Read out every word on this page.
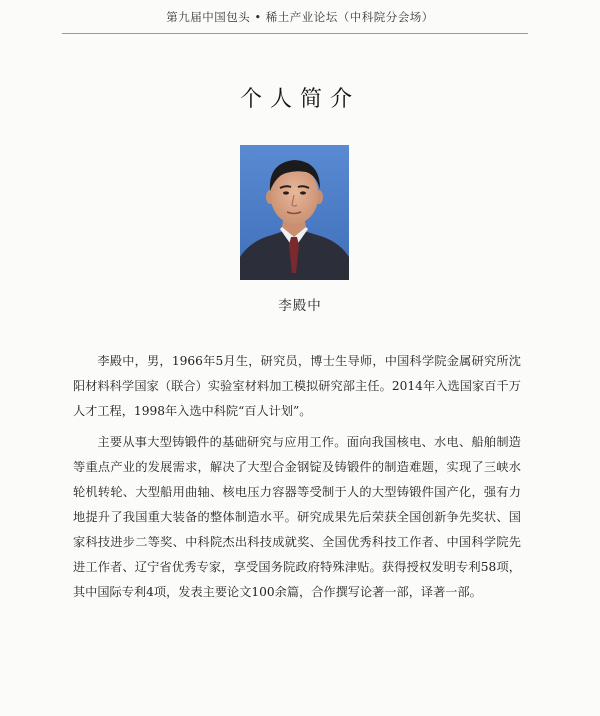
第九届中国包头 • 稀土产业论坛（中科院分会场）
个人简介
李殿中

李殿中，男，1966年5月生，研究员，博士生导师，中国科学院金属研究所沈阳材料科学国家（联合）实验室材料加工模拟研究部主任。2014年入选国家百千万人才工程，1998年入选中科院“百人计划”。

主要从事大型铸锻件的基础研究与应用工作。面向我国核电、水电、船舶制造等重点产业的发展需求，解决了大型合金钢锭及铸锻件的制造难题，实现了三峡水轮机转轮、大型船用曲轴、核电压力容器等受制于人的大型铸锻件国产化，强有力地提升了我国重大装备的整体制造水平。研究成果先后荣获全国创新争先奖状、国家科技进步二等奖、中科院杰出科技成就奖、全国优秀科技工作者、中国科学院先进工作者、辽宁省优秀专家，享受国务院政府特殊津贴。获得授权发明专利58项，其中国际专利4项，发表主要论文100余篇，合作撰写论著一部，译著一部。
